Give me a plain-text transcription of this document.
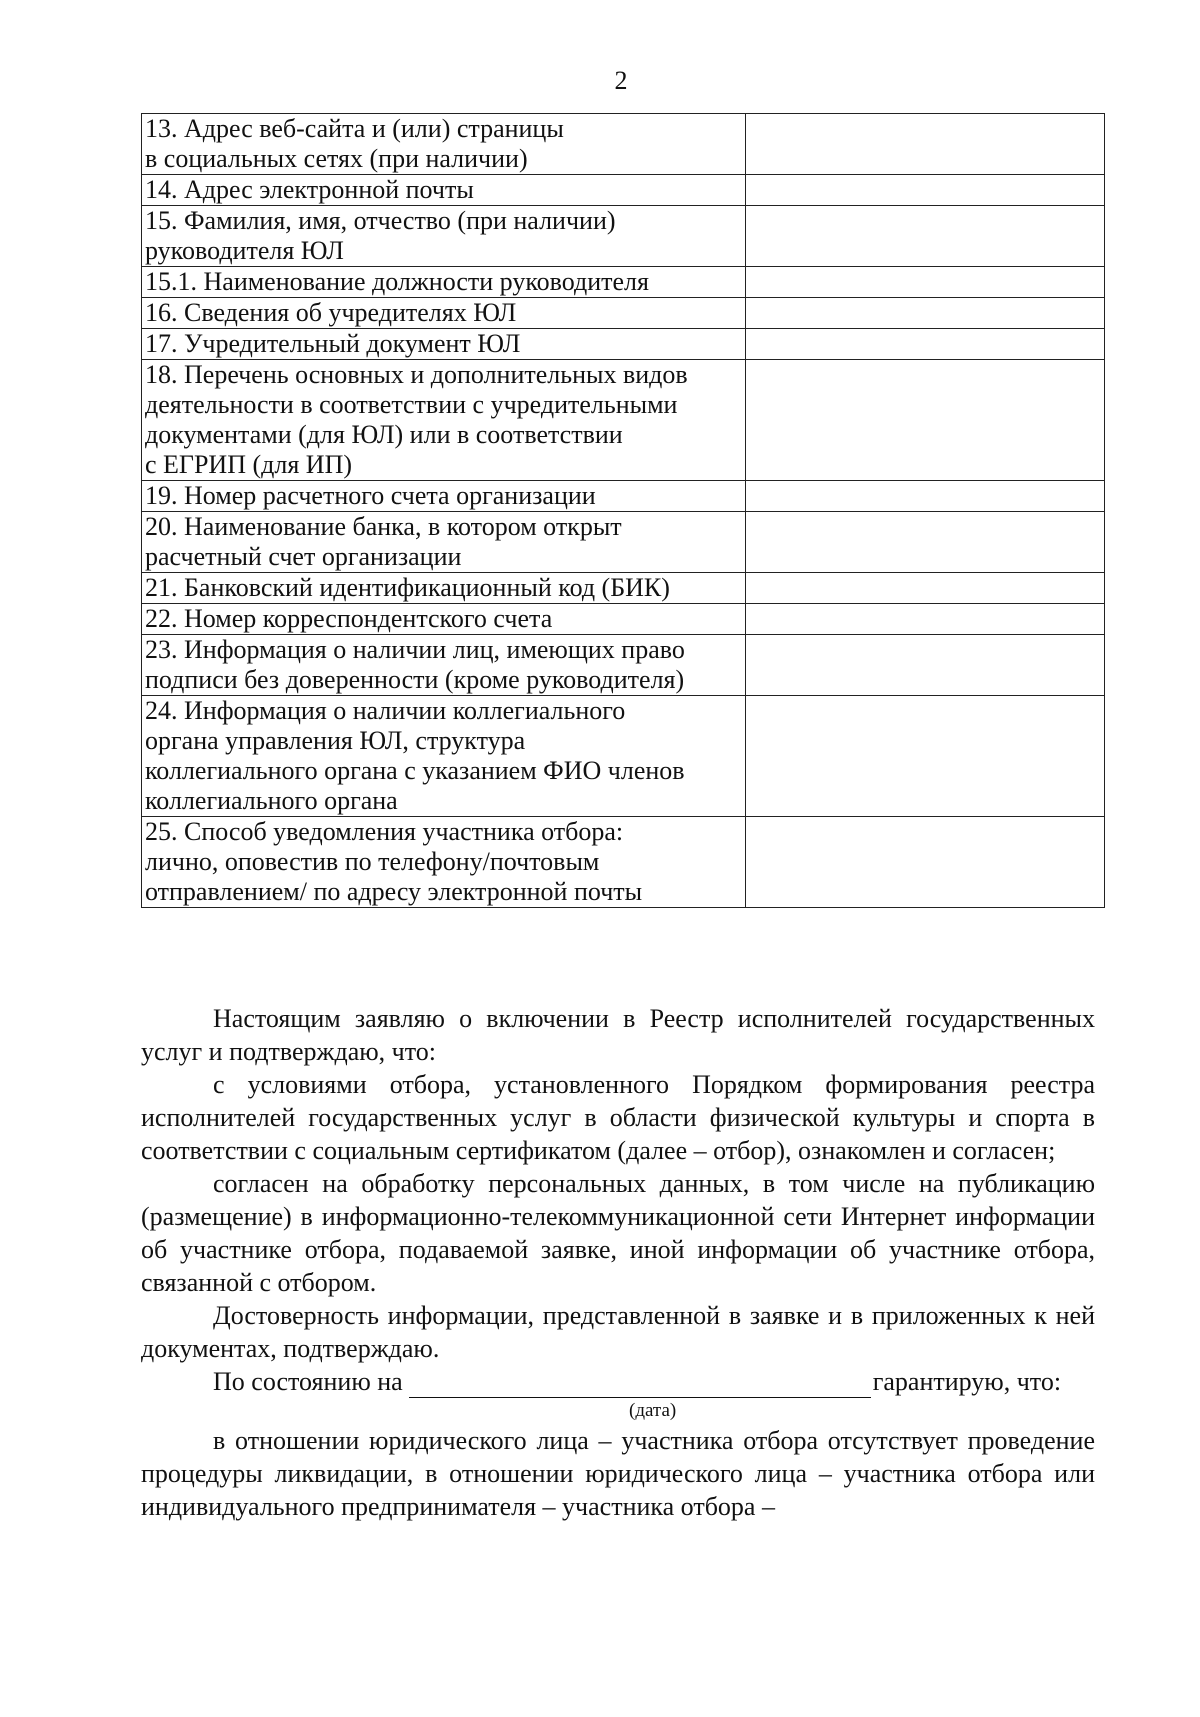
2
13. Адрес веб-сайта и (или) страницы
в социальных сетях (при наличии)	
14. Адрес электронной почты	
15. Фамилия, имя, отчество (при наличии)
руководителя ЮЛ	
15.1. Наименование должности руководителя	
16. Сведения об учредителях ЮЛ	
17. Учредительный документ ЮЛ	
18. Перечень основных и дополнительных видов
деятельности в соответствии с учредительными
документами (для ЮЛ) или в соответствии
с ЕГРИП (для ИП)	
19. Номер расчетного счета организации	
20. Наименование банка, в котором открыт
расчетный счет организации	
21. Банковский идентификационный код (БИК)	
22. Номер корреспондентского счета	
23. Информация о наличии лиц, имеющих право
подписи без доверенности (кроме руководителя)	
24. Информация о наличии коллегиального
органа управления ЮЛ, структура
коллегиального органа с указанием ФИО членов
коллегиального органа	
25. Способ уведомления участника отбора:
лично, оповестив по телефону/почтовым
отправлением/ по адресу электронной почты	

Настоящим заявляю о включении в Реестр исполнителей государственных услуг и подтверждаю, что:

с условиями отбора, установленного Порядком формирования реестра исполнителей государственных услуг в области физической культуры и спорта в соответствии с социальным сертификатом (далее – отбор), ознакомлен и согласен;

согласен на обработку персональных данных, в том числе на публикацию (размещение) в информационно-телекоммуникационной сети Интернет информации об участнике отбора, подаваемой заявке, иной информации об участнике отбора, связанной с отбором.

Достоверность информации, представленной в заявке и в приложенных к ней документах, подтверждаю.

По состоянию на	гарантирую, что:

(дата)

в отношении юридического лица – участника отбора отсутствует проведение процедуры ликвидации, в отношении юридического лица – участника отбора или индивидуального предпринимателя – участника отбора –
